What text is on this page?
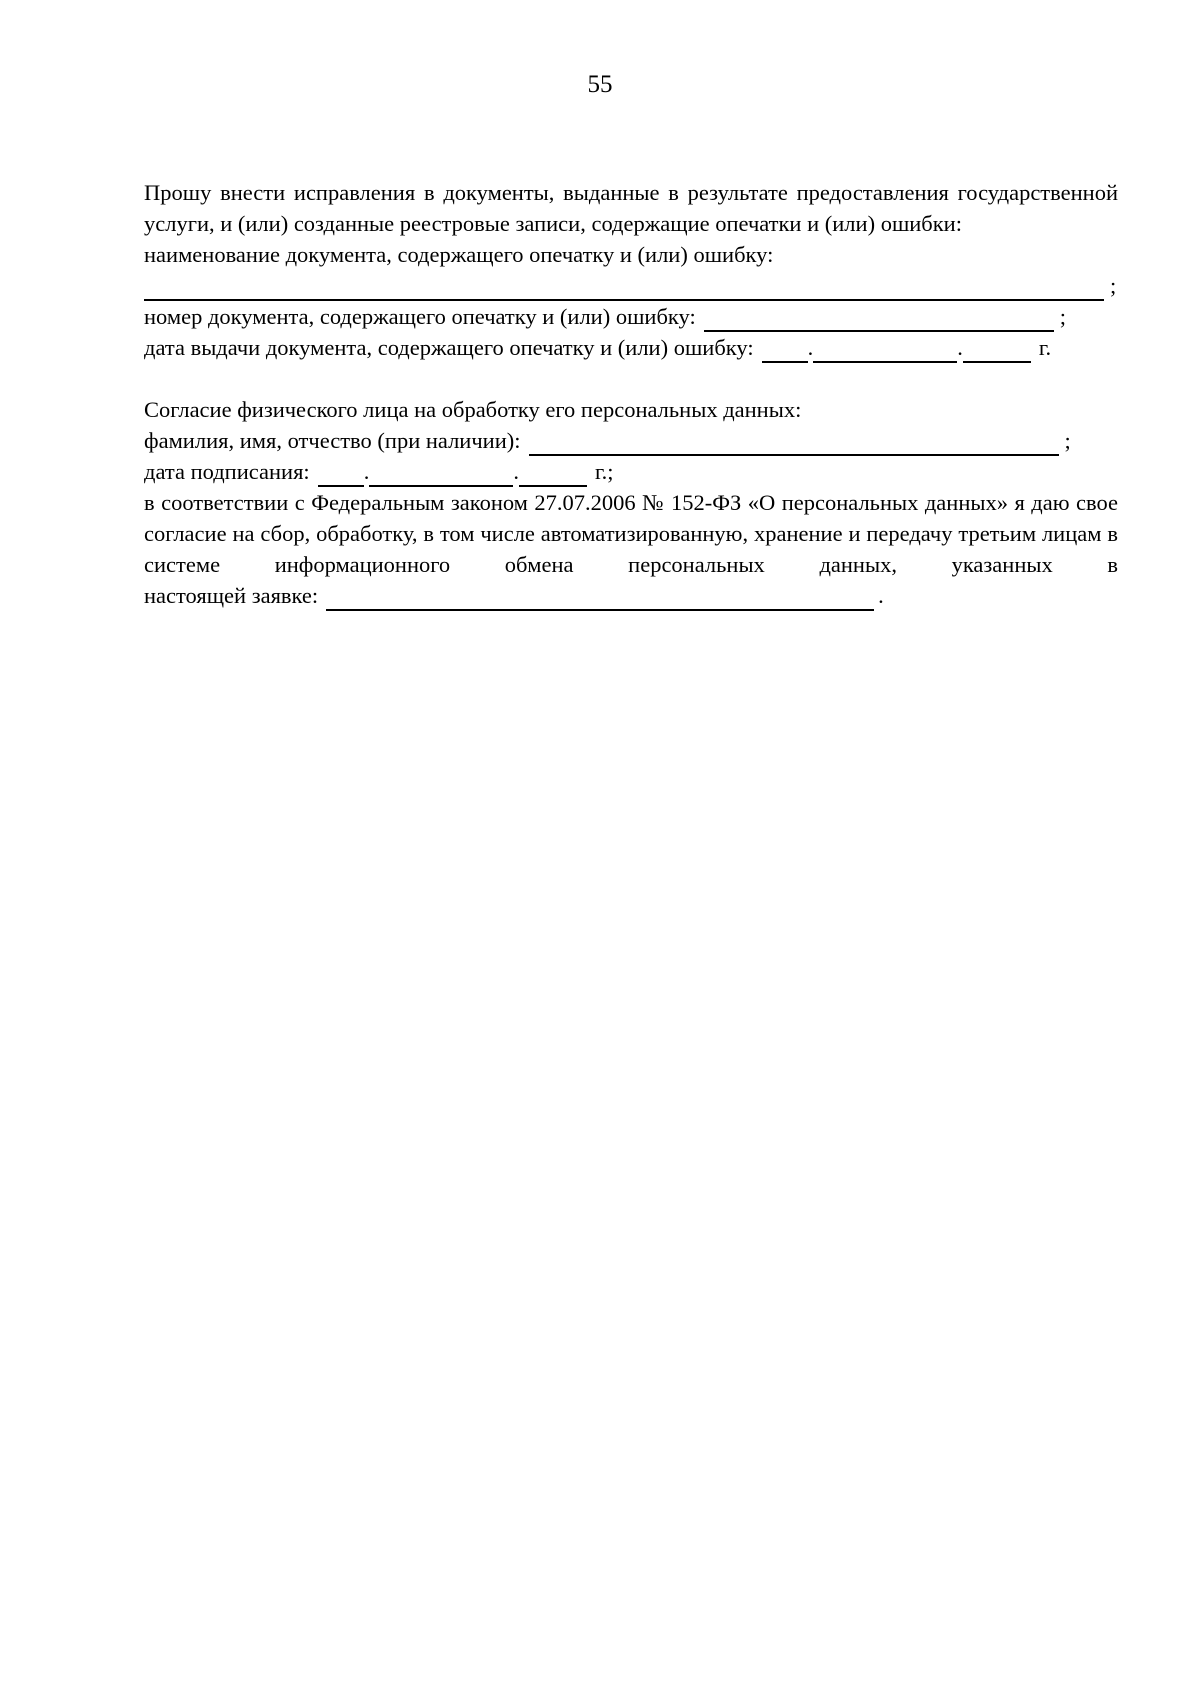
55

Прошу внести исправления в документы, выданные в результате предоставления государственной услуги, и (или) созданные реестровые записи, содержащие опечатки и (или) ошибки:

наименование документа, содержащего опечатку и (или) ошибку:

;
номер документа, содержащего опечатку и (или) ошибку:	;
дата выдачи документа, содержащего опечатку и (или) ошибку: .	.	г.

Согласие физического лица на обработку его персональных данных:

фамилия, имя, отчество (при наличии):	;
дата подписания: .	.	г.;

в соответствии с Федеральным законом 27.07.2006 № 152-ФЗ «О персональных данных» я даю свое согласие на сбор, обработку, в том числе автоматизированную, хранение и передачу третьим лицам в системе информационного обмена персональных данных, указанных в

настоящей заявке:	.
